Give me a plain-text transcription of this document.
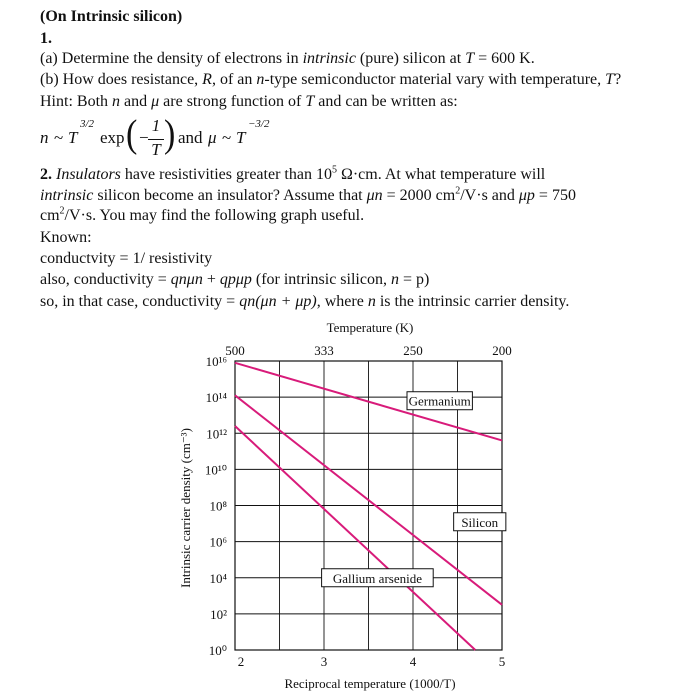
(On Intrinsic silicon)
1.
(a) Determine the density of electrons in intrinsic (pure) silicon at T = 600 K.
(b) How does resistance, R, of an n-type semiconductor material vary with temperature, T?
Hint: Both n and μ are strong function of T and can be written as:
n ~ T
3/2
exp ( −
1
T ) and μ ~ T
−3/2
2. Insulators have resistivities greater than $10^5$ Ω·cm. At what temperature will
intrinsic silicon become an insulator? Assume that μn = 2000 $cm^2/V\cdot s$ and μp = 750
$cm^2/V\cdot s$. You may find the following graph useful.
Known:
conductvity = 1/ resistivity
also, conductivity = qnμn + qpμp (for intrinsic silicon, n = p)
so, in that case, conductivity = qn(μn + μp), where n is the intrinsic carrier density.
10⁰
10²
10⁴
10⁶
10⁸
10¹⁰
10¹²
10¹⁴
10¹⁶
2	3	4	5
500	333	250	200
Germanium
Silicon
Gallium arsenide
Temperature (K)
Reciprocal temperature (1000/T)
Intrinsic carrier density (cm⁻³)
